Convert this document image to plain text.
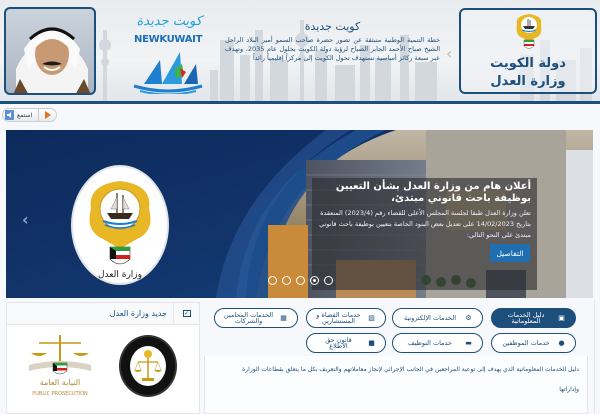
كويت جديدة
NEWKUWAIT
كويت جديدة
خطة التنمية الوطنية منبثقة عن تصور حضرة صاحب السمو أمير البلاد الراحل الشيخ صباح الأحمد الجابر الصباح لرؤية دولة الكويت بحلول عام 2035، وتهدف عبر سبعة ركائز أساسية تستهدف تحول الكويت إلى مركزاً إقليمياً رائداً ‹
دولة الكويت
وزارة العدل
استمع
‹
وزارة العدل
أعلان هام من وزارة العدل بشأن التعيين بوظيفة باحث قانوني مبتدئ،
تعلن وزارة العدل طبقا لجلسة المجلس الأعلى للقضاء رقم (2023/4) المنعقدة بتاريخ 14/02/2023 على تعديل بعض البنود الخاصة بتعيين بوظيفة باحث قانوني مبتدئ على النحو التالي:
التفاصيل
✓
جديد وزارة العدل
النيابة العامة
PUBLIC PROSECUTION
▣
دليل الخدمات المعلوماتية
⚙
الخدمات الإلكترونية
▨
خدمات القضاة و المستشارين
▦
الخدمات المحامين والشركات
●
خدمات الموظفين
▬
خدمات التوظيف
■
قانون حق الاطلاع
دليل الخدمات المعلوماتية الذي يهدف إلى توعية المراجعين في الجانب الإجرائي لإنجاز معاملاتهم والتعريف بكل ما يتعلق بقطاعات الوزارة
وإداراتها
